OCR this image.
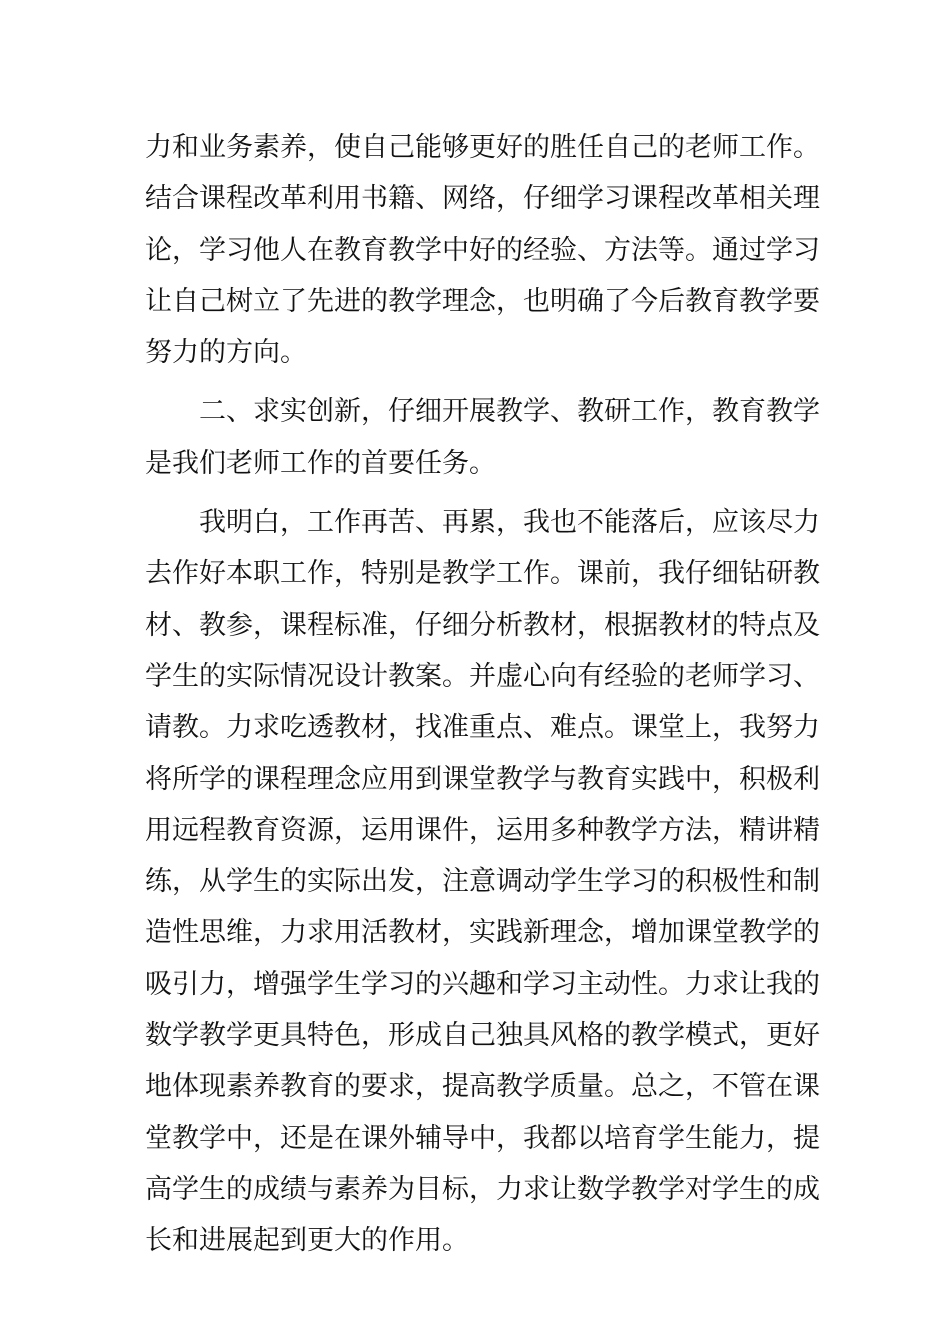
力和业务素养，使自己能够更好的胜任自己的老师工作。
结合课程改革利用书籍、网络，仔细学习课程改革相关理
论，学习他人在教育教学中好的经验、方法等。通过学习
让自己树立了先进的教学理念，也明确了今后教育教学要
努力的方向。
二、求实创新，仔细开展教学、教研工作，教育教学
是我们老师工作的首要任务。
我明白，工作再苦、再累，我也不能落后，应该尽力
去作好本职工作，特别是教学工作。课前，我仔细钻研教
材、教参，课程标准，仔细分析教材，根据教材的特点及
学生的实际情况设计教案。并虚心向有经验的老师学习、
请教。力求吃透教材，找准重点、难点。课堂上，我努力
将所学的课程理念应用到课堂教学与教育实践中，积极利
用远程教育资源，运用课件，运用多种教学方法，精讲精
练，从学生的实际出发，注意调动学生学习的积极性和制
造性思维，力求用活教材，实践新理念，增加课堂教学的
吸引力，增强学生学习的兴趣和学习主动性。力求让我的
数学教学更具特色，形成自己独具风格的教学模式，更好
地体现素养教育的要求，提高教学质量。总之，不管在课
堂教学中，还是在课外辅导中，我都以培育学生能力，提
高学生的成绩与素养为目标，力求让数学教学对学生的成
长和进展起到更大的作用。
